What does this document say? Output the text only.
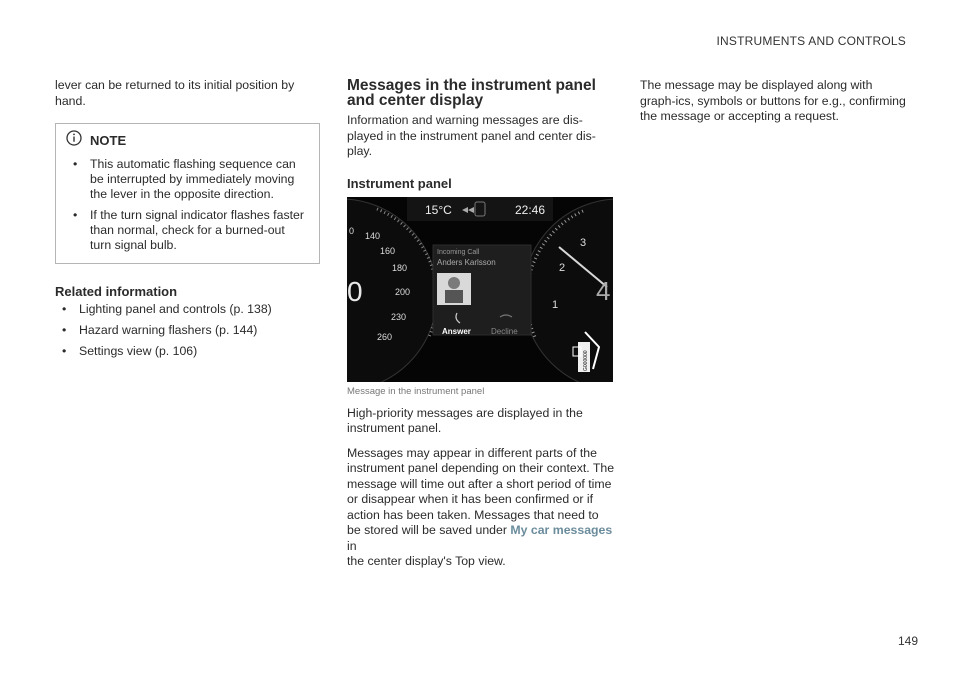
INSTRUMENTS AND CONTROLS

lever can be returned to its initial position by hand.

NOTE
• This automatic flashing sequence can be interrupted by immediately moving the lever in the opposite direction.
• If the turn signal indicator flashes faster than normal, check for a burned-out turn signal bulb.
Related information
• Lighting panel and controls (p. 138)
• Hazard warning flashers (p. 144)
• Settings view (p. 106)
Messages in the instrument panel and center display

Information and warning messages are dis-played in the instrument panel and center dis-play.

Instrument panel
15°C	22:46
Incoming Call
Anders Karlsson
Answer	Decline
0 140
160
180
200
230
260
0
3
2
1 4
G000000
Message in the instrument panel

High-priority messages are displayed in the instrument panel.

Messages may appear in different parts of the instrument panel depending on their context. The message will time out after a short period of time or disappear when it has been confirmed or if action has been taken. Messages that need to be stored will be saved under My car messages in
the center display's Top view.

The message may be displayed along with graph-ics, symbols or buttons for e.g., confirming the message or accepting a request.

149
